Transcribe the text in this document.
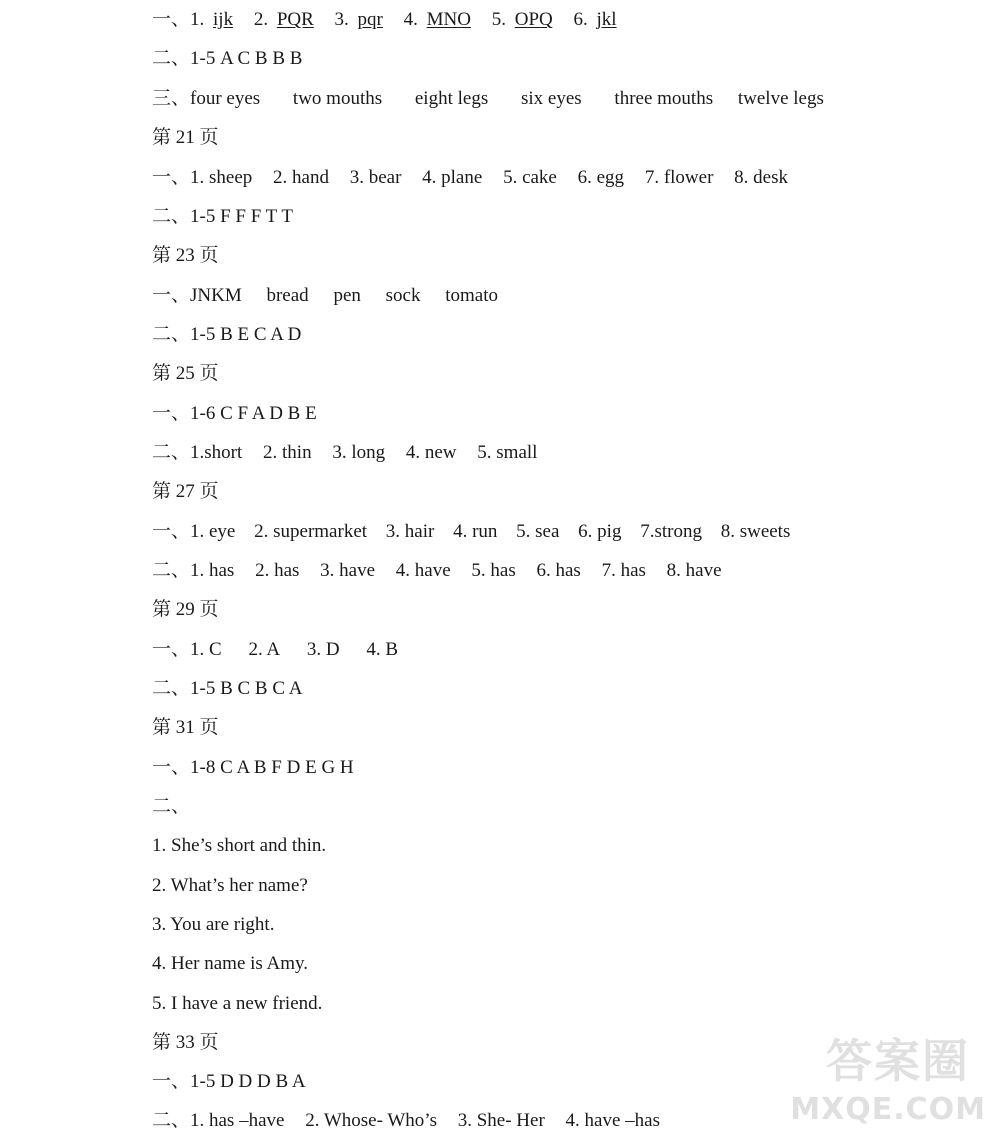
一、1. ijk 2. PQR 3. pqr 4. MNO 5. OPQ 6. jkl
二、1-5 A C B B B
三、four eyes two mouths eight legs six eyes three mouths twelve legs
第 21 页
一、1. sheep 2. hand 3. bear 4. plane 5. cake 6. egg 7. flower 8. desk
二、1-5 F F F T T
第 23 页
一、JNKM bread pen sock tomato
二、1-5 B E C A D
第 25 页
一、1-6 C F A D B E
二、1.short 2. thin 3. long 4. new 5. small
第 27 页
一、1. eye 2. supermarket 3. hair 4. run 5. sea 6. pig 7.strong 8. sweets
二、1. has 2. has 3. have 4. have 5. has 6. has 7. has 8. have
第 29 页
一、1. C 2. A 3. D 4. B
二、1-5 B C B C A
第 31 页
一、1-8 C A B F D E G H
二、
1. She’s short and thin.
2. What’s her name?
3. You are right.
4. Her name is Amy.
5. I have a new friend.
第 33 页
一、1-5 D D D B A
二、1. has –have 2. Whose- Who’s 3. She- Her 4. have –has
答案圈
MXQE.COM
